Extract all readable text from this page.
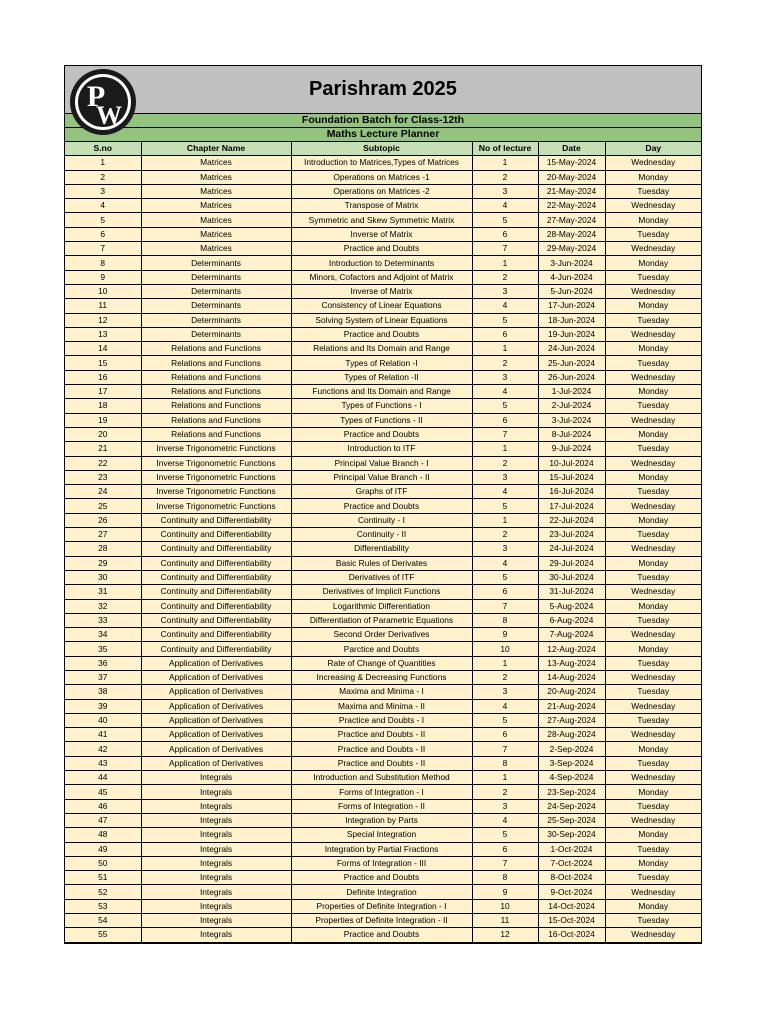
P
W
Parishram 2025
Foundation Batch for Class-12th
Maths Lecture Planner
S.no	Chapter Name	Subtopic	No of lecture	Date	Day
1	Matrices	Introduction to Matrices,Types of Matrices	1	15-May-2024	Wednesday
2	Matrices	Operations on Matrices -1	2	20-May-2024	Monday
3	Matrices	Operations on Matrices -2	3	21-May-2024	Tuesday
4	Matrices	Transpose of Matrix	4	22-May-2024	Wednesday
5	Matrices	Symmetric and Skew Symmetric Matrix	5	27-May-2024	Monday
6	Matrices	Inverse of Matrix	6	28-May-2024	Tuesday
7	Matrices	Practice and Doubts	7	29-May-2024	Wednesday
8	Determinants	Introduction to Determinants	1	3-Jun-2024	Monday
9	Determinants	Minors, Cofactors and Adjoint of Matrix	2	4-Jun-2024	Tuesday
10	Determinants	Inverse of Matrix	3	5-Jun-2024	Wednesday
11	Determinants	Consistency of Linear Equations	4	17-Jun-2024	Monday
12	Determinants	Solving System of Linear Equations	5	18-Jun-2024	Tuesday
13	Determinants	Practice and Doubts	6	19-Jun-2024	Wednesday
14	Relations and Functions	Relations and Its Domain and Range	1	24-Jun-2024	Monday
15	Relations and Functions	Types of Relation -I	2	25-Jun-2024	Tuesday
16	Relations and Functions	Types of Relation -II	3	26-Jun-2024	Wednesday
17	Relations and Functions	Functions and Its Domain and Range	4	1-Jul-2024	Monday
18	Relations and Functions	Types of Functions - I	5	2-Jul-2024	Tuesday
19	Relations and Functions	Types of Functions - II	6	3-Jul-2024	Wednesday
20	Relations and Functions	Practice and Doubts	7	8-Jul-2024	Monday
21	Inverse Trigonometric Functions	Introduction to ITF	1	9-Jul-2024	Tuesday
22	Inverse Trigonometric Functions	Principal Value Branch - I	2	10-Jul-2024	Wednesday
23	Inverse Trigonometric Functions	Principal Value Branch - II	3	15-Jul-2024	Monday
24	Inverse Trigonometric Functions	Graphs of ITF	4	16-Jul-2024	Tuesday
25	Inverse Trigonometric Functions	Practice and Doubts	5	17-Jul-2024	Wednesday
26	Continuity and Differentiability	Continuity - I	1	22-Jul-2024	Monday
27	Continuity and Differentiability	Continuity - II	2	23-Jul-2024	Tuesday
28	Continuity and Differentiability	Differentiability	3	24-Jul-2024	Wednesday
29	Continuity and Differentiability	Basic Rules of Derivates	4	29-Jul-2024	Monday
30	Continuity and Differentiability	Derivatives of ITF	5	30-Jul-2024	Tuesday
31	Continuity and Differentiability	Derivatives of Implicit Functions	6	31-Jul-2024	Wednesday
32	Continuity and Differentiability	Logarithmic Differentiation	7	5-Aug-2024	Monday
33	Continuity and Differentiability	Differentiation of Parametric Equations	8	6-Aug-2024	Tuesday
34	Continuity and Differentiability	Second Order Derivatives	9	7-Aug-2024	Wednesday
35	Continuity and Differentiability	Parctice and Doubts	10	12-Aug-2024	Monday
36	Application of Derivatives	Rate of Change of Quantities	1	13-Aug-2024	Tuesday
37	Application of Derivatives	Increasing & Decreasing Functions	2	14-Aug-2024	Wednesday
38	Application of Derivatives	Maxima and Minima - I	3	20-Aug-2024	Tuesday
39	Application of Derivatives	Maxima and Minima - II	4	21-Aug-2024	Wednesday
40	Application of Derivatives	Practice and Doubts - I	5	27-Aug-2024	Tuesday
41	Application of Derivatives	Practice and Doubts - II	6	28-Aug-2024	Wednesday
42	Application of Derivatives	Practice and Doubts - II	7	2-Sep-2024	Monday
43	Application of Derivatives	Practice and Doubts - II	8	3-Sep-2024	Tuesday
44	Integrals	Introduction and Substitution Method	1	4-Sep-2024	Wednesday
45	Integrals	Forms of Integration - I	2	23-Sep-2024	Monday
46	Integrals	Forms of Integration - II	3	24-Sep-2024	Tuesday
47	Integrals	Integration by Parts	4	25-Sep-2024	Wednesday
48	Integrals	Special Integration	5	30-Sep-2024	Monday
49	Integrals	Integration by Partial Fractions	6	1-Oct-2024	Tuesday
50	Integrals	Forms of Integration - III	7	7-Oct-2024	Monday
51	Integrals	Practice and Doubts	8	8-Oct-2024	Tuesday
52	Integrals	Definite Integration	9	9-Oct-2024	Wednesday
53	Integrals	Properties of Definite Integration - I	10	14-Oct-2024	Monday
54	Integrals	Properties of Definite Integration - II	11	15-Oct-2024	Tuesday
55	Integrals	Practice and Doubts	12	16-Oct-2024	Wednesday
